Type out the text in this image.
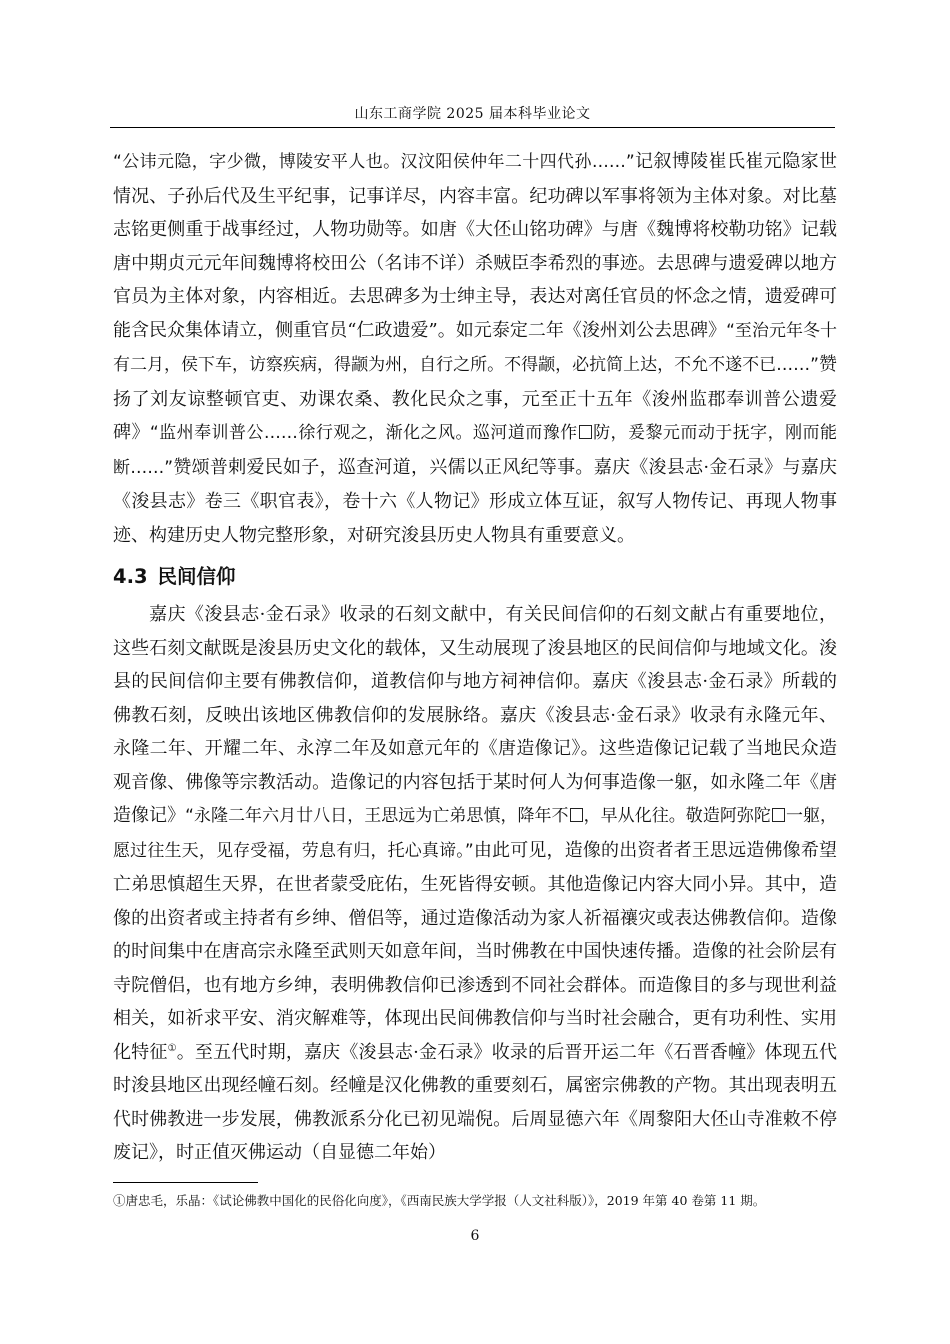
山东工商学院 2025 届本科毕业论文

“公讳元隐，字少微，博陵安平人也。汉汶阳侯仲年二十四代孙……”记叙博陵崔氏崔元隐家世情况、子孙后代及生平纪事，记事详尽，内容丰富。纪功碑以军事将领为主体对象。对比墓志铭更侧重于战事经过，人物功勋等。如唐《大伾山铭功碑》与唐《魏博将校勒功铭》记载唐中期贞元元年间魏博将校田公（名讳不详）杀贼臣李希烈的事迹。去思碑与遗爱碑以地方官员为主体对象，内容相近。去思碑多为士绅主导，表达对离任官员的怀念之情，遗爱碑可能含民众集体请立，侧重官员“仁政遗爱”。如元泰定二年《浚州刘公去思碑》“至治元年冬十有二月，侯下车，访察疾病，得颛为州，自行之所。不得颛，必抗简上达，不允不遂不已……”赞扬了刘友谅整顿官吏、劝课农桑、教化民众之事，元至正十五年《浚州监郡奉训普公遗爱碑》“监州奉训普公……徐行观之，渐化之风。巡河道而豫作 防，爰黎元而动于抚字，刚而能断……”赞颂普剌爱民如子，巡查河道，兴儒以正风纪等事。嘉庆《浚县志·金石录》与嘉庆《浚县志》卷三《职官表》，卷十六《人物记》形成立体互证，叙写人物传记、再现人物事迹、构建历史人物完整形象，对研究浚县历史人物具有重要意义。

4.3 民间信仰

嘉庆《浚县志·金石录》收录的石刻文献中，有关民间信仰的石刻文献占有重要地位，这些石刻文献既是浚县历史文化的载体，又生动展现了浚县地区的民间信仰与地域文化。浚县的民间信仰主要有佛教信仰，道教信仰与地方祠神信仰。嘉庆《浚县志·金石录》所载的佛教石刻，反映出该地区佛教信仰的发展脉络。嘉庆《浚县志·金石录》收录有永隆元年、永隆二年、开耀二年、永淳二年及如意元年的《唐造像记》。这些造像记记载了当地民众造观音像、佛像等宗教活动。造像记的内容包括于某时何人为何事造像一躯，如永隆二年《唐造像记》“永隆二年六月廿八日，王思远为亡弟思慎，降年不 ，早从化往。敬造阿弥陀 一躯，愿过往生天，见存受福，劳息有归，托心真谛。”由此可见，造像的出资者者王思远造佛像希望亡弟思慎超生天界，在世者蒙受庇佑，生死皆得安顿。其他造像记内容大同小异。其中，造像的出资者或主持者有乡绅、僧侣等，通过造像活动为家人祈福禳灾或表达佛教信仰。造像的时间集中在唐高宗永隆至武则天如意年间，当时佛教在中国快速传播。造像的社会阶层有寺院僧侣，也有地方乡绅，表明佛教信仰已渗透到不同社会群体。而造像目的多与现世利益相关，如祈求平安、消灾解难等，体现出民间佛教信仰与当时社会融合，更有功利性、实用化特征①。至五代时期，嘉庆《浚县志·金石录》收录的后晋开运二年《石晋香幢》体现五代时浚县地区出现经幢石刻。经幢是汉化佛教的重要刻石，属密宗佛教的产物。其出现表明五代时佛教进一步发展，佛教派系分化已初见端倪。后周显德六年《周黎阳大伾山寺准敕不停废记》，时正值灭佛运动（自显德二年始）

①唐忠毛，乐晶：《试论佛教中国化的民俗化向度》，《西南民族大学学报（人文社科版）》，2019 年第 40 卷第 11 期。
6
